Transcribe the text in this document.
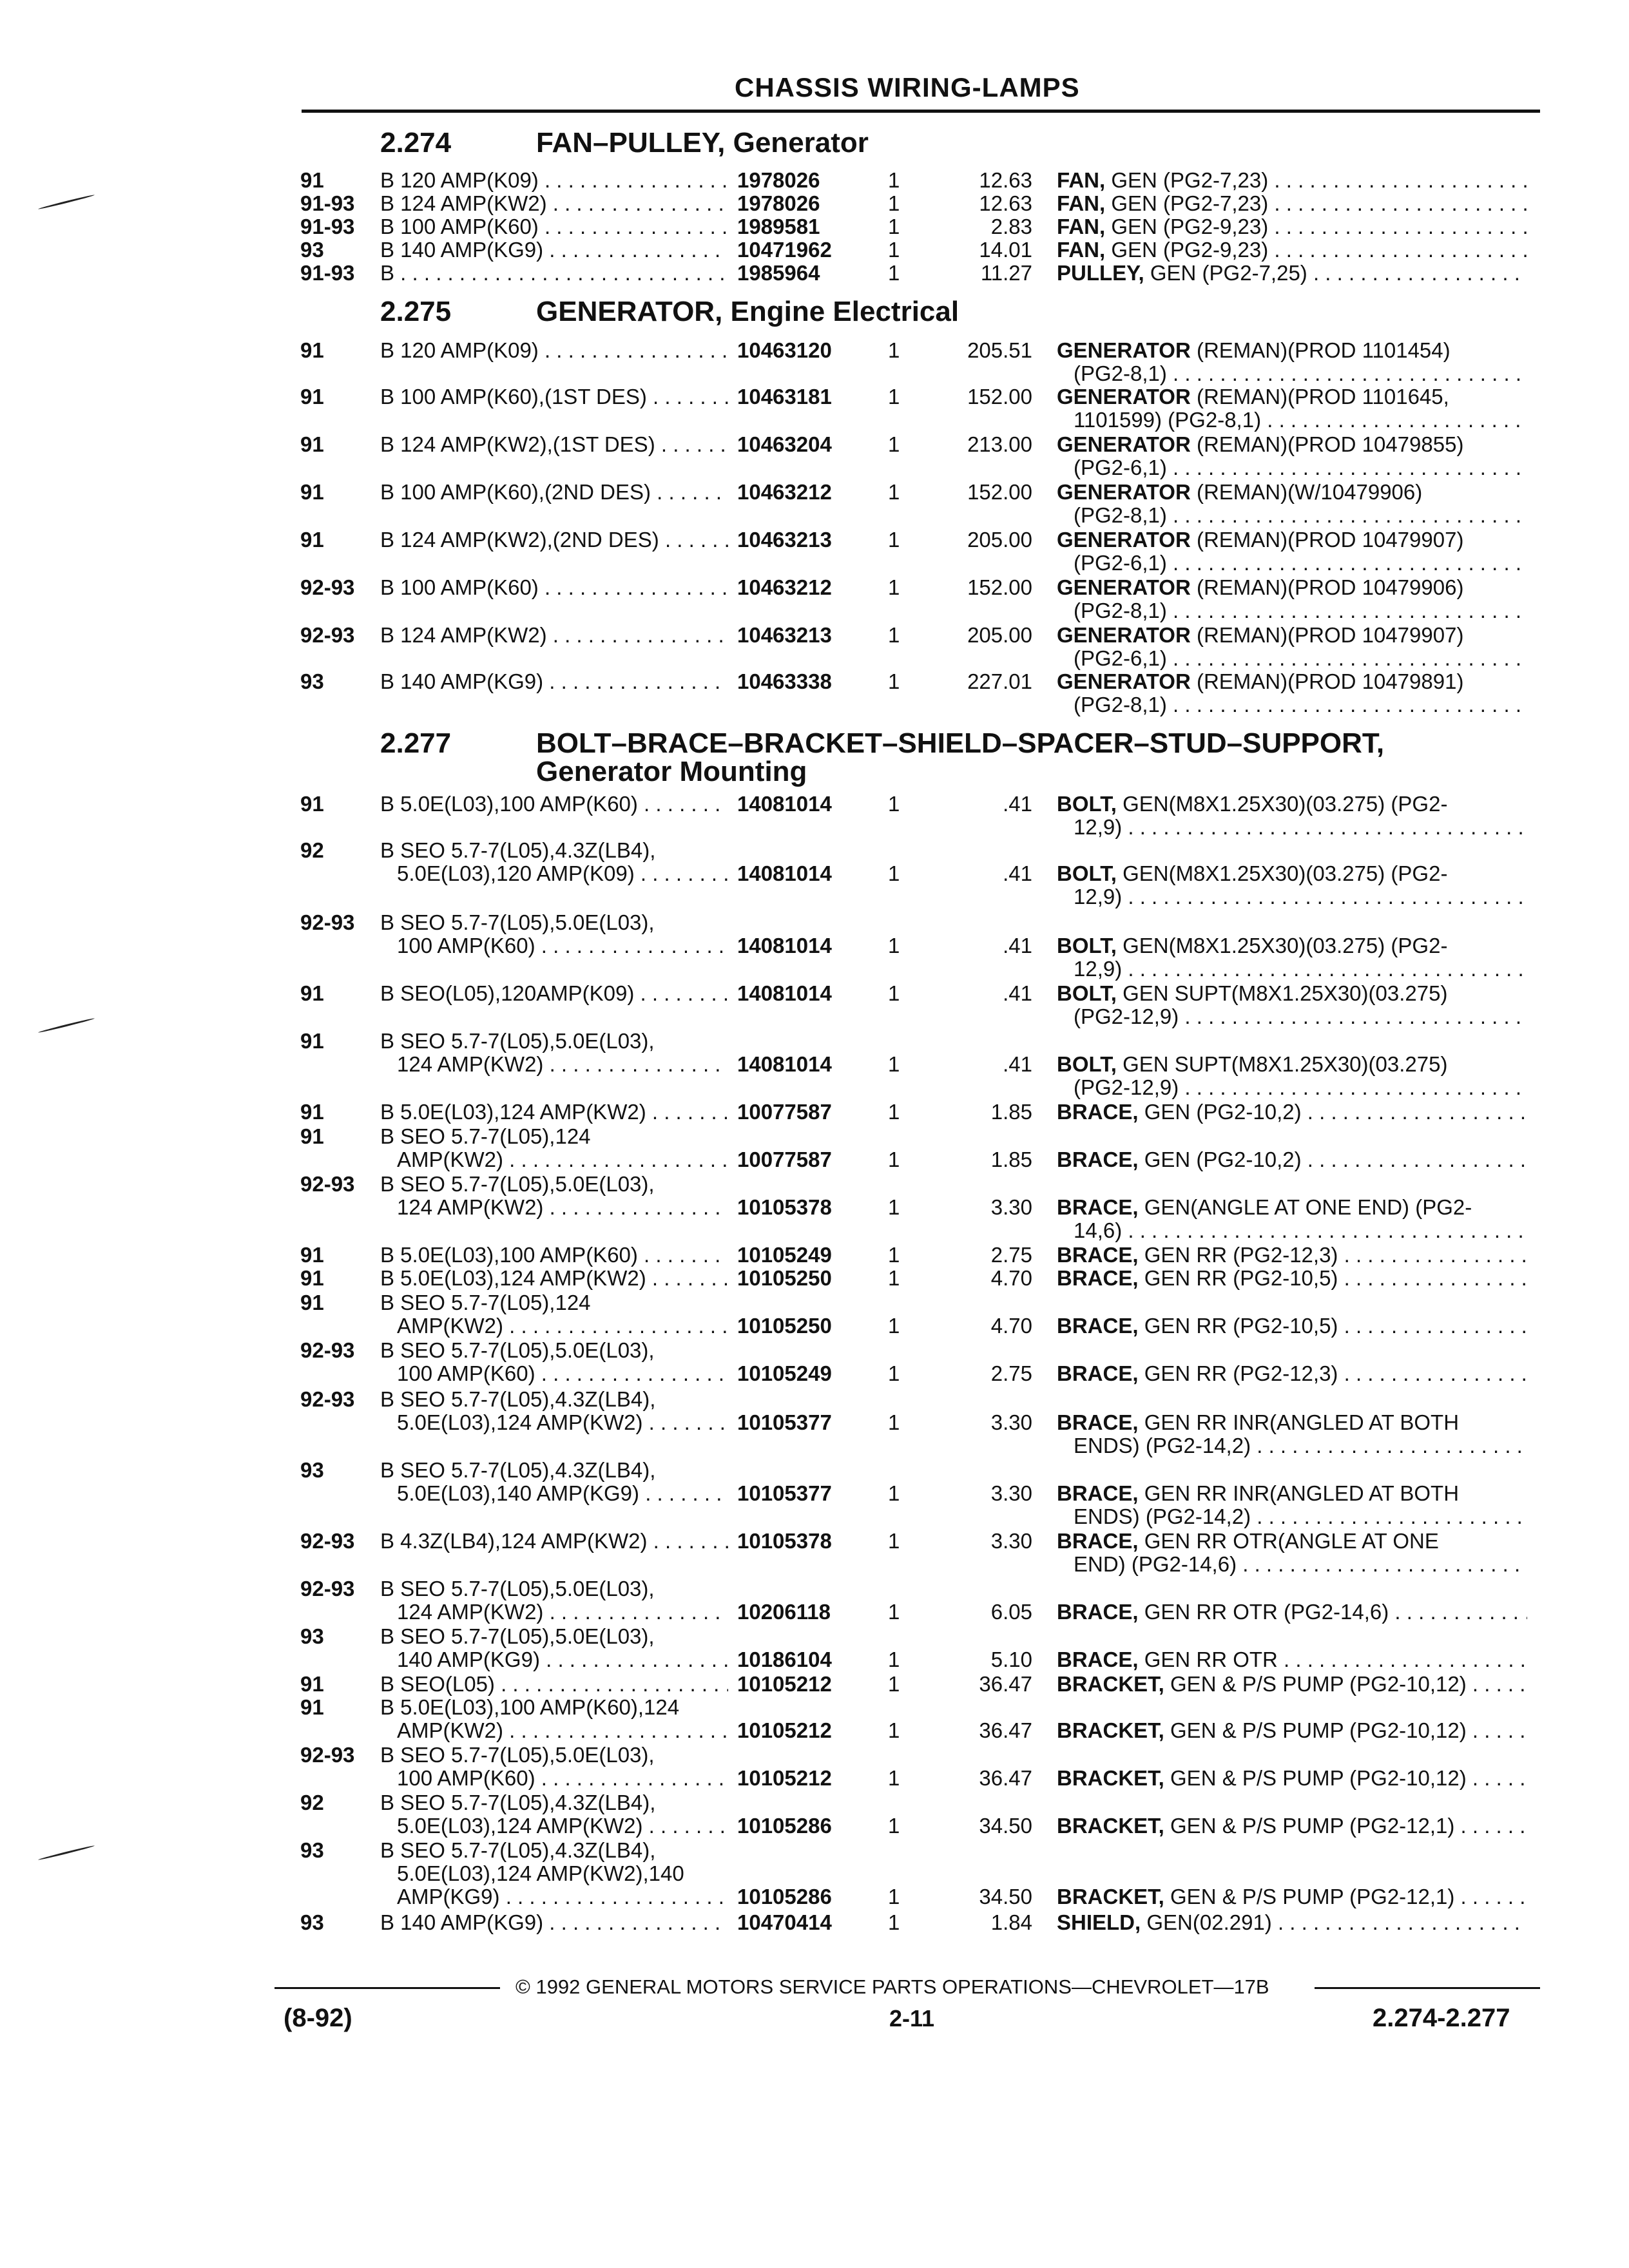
CHASSIS WIRING-LAMPS
2.274	FAN–PULLEY, Generator
2.275	GENERATOR, Engine Electrical
2.277	BOLT–BRACE–BRACKET–SHIELD–SPACER–STUD–SUPPORT,
Generator Mounting
91	B 120 AMP(K09) . . .	1978026	1	12.63 FAN, GEN (PG2-7,23) . . .
91-93 B 124 AMP(KW2) . . .	1978026	1	12.63 FAN, GEN (PG2-7,23) . . .
91-93 B 100 AMP(K60) . . .	1989581	1	2.83 FAN, GEN (PG2-9,23) . . .
93	B 140 AMP(KG9) . . .	10471962	1	14.01 FAN, GEN (PG2-9,23) . . .
91-93 B . . .	1985964	1	11.27 PULLEY, GEN (PG2-7,25) . . .
91	B 120 AMP(K09) . . .	10463120	1	205.51 GENERATOR (REMAN)(PROD 1101454)
(PG2-8,1) . . .
91	B 100 AMP(K60),(1ST DES) . . .	10463181	1	152.00 GENERATOR (REMAN)(PROD 1101645,
1101599) (PG2-8,1) . . .
91	B 124 AMP(KW2),(1ST DES) . . .	10463204	1	213.00 GENERATOR (REMAN)(PROD 10479855)
(PG2-6,1) . . .
91	B 100 AMP(K60),(2ND DES) . . .	10463212	1	152.00 GENERATOR (REMAN)(W/10479906)
(PG2-8,1) . . .
91	B 124 AMP(KW2),(2ND DES) . . .	10463213	1	205.00 GENERATOR (REMAN)(PROD 10479907)
(PG2-6,1) . . .
92-93 B 100 AMP(K60) . . .	10463212	1	152.00 GENERATOR (REMAN)(PROD 10479906)
(PG2-8,1) . . .
92-93 B 124 AMP(KW2) . . .	10463213	1	205.00 GENERATOR (REMAN)(PROD 10479907)
(PG2-6,1) . . .
93	B 140 AMP(KG9) . . .	10463338	1	227.01 GENERATOR (REMAN)(PROD 10479891)
(PG2-8,1) . . .
91	B 5.0E(L03),100 AMP(K60) . . .	14081014	1	.41 BOLT, GEN(M8X1.25X30)(03.275) (PG2-
12,9) . . .
92	B SEO 5.7-7(L05),4.3Z(LB4),
5.0E(L03),120 AMP(K09) . . .	14081014	1	.41 BOLT, GEN(M8X1.25X30)(03.275) (PG2-
12,9) . . .
92-93 B SEO 5.7-7(L05),5.0E(L03),
100 AMP(K60) . . .	14081014	1	.41 BOLT, GEN(M8X1.25X30)(03.275) (PG2-
12,9) . . .
91	B SEO(L05),120AMP(K09) . . .	14081014	1	.41 BOLT, GEN SUPT(M8X1.25X30)(03.275)
(PG2-12,9) . . .
91	B SEO 5.7-7(L05),5.0E(L03),
124 AMP(KW2) . . .	14081014	1	.41 BOLT, GEN SUPT(M8X1.25X30)(03.275)
(PG2-12,9) . . .
91	B 5.0E(L03),124 AMP(KW2) . . .	10077587	1	1.85 BRACE, GEN (PG2-10,2) . . .
91	B SEO 5.7-7(L05),124
AMP(KW2) . . .	10077587	1	1.85 BRACE, GEN (PG2-10,2) . . .
92-93 B SEO 5.7-7(L05),5.0E(L03),
124 AMP(KW2) . . .	10105378	1	3.30 BRACE, GEN(ANGLE AT ONE END) (PG2-
14,6) . . .
91	B 5.0E(L03),100 AMP(K60) . . .	10105249	1	2.75 BRACE, GEN RR (PG2-12,3) . . .
91	B 5.0E(L03),124 AMP(KW2) . . .	10105250	1	4.70 BRACE, GEN RR (PG2-10,5) . . .
91	B SEO 5.7-7(L05),124
AMP(KW2) . . .	10105250	1	4.70 BRACE, GEN RR (PG2-10,5) . . .
92-93 B SEO 5.7-7(L05),5.0E(L03),
100 AMP(K60) . . .	10105249	1	2.75 BRACE, GEN RR (PG2-12,3) . . .
92-93 B SEO 5.7-7(L05),4.3Z(LB4),
5.0E(L03),124 AMP(KW2) . . .	10105377	1	3.30 BRACE, GEN RR INR(ANGLED AT BOTH
ENDS) (PG2-14,2) . . .
93	B SEO 5.7-7(L05),4.3Z(LB4),
5.0E(L03),140 AMP(KG9) . . .	10105377	1	3.30 BRACE, GEN RR INR(ANGLED AT BOTH
ENDS) (PG2-14,2) . . .
92-93 B 4.3Z(LB4),124 AMP(KW2) . . .	10105378	1	3.30 BRACE, GEN RR OTR(ANGLE AT ONE
END) (PG2-14,6) . . .
92-93 B SEO 5.7-7(L05),5.0E(L03),
124 AMP(KW2) . . .	10206118	1	6.05 BRACE, GEN RR OTR (PG2-14,6) . . .
93	B SEO 5.7-7(L05),5.0E(L03),
140 AMP(KG9) . . .	10186104	1	5.10 BRACE, GEN RR OTR . . .
91	B SEO(L05) . . .	10105212	1	36.47 BRACKET, GEN & P/S PUMP (PG2-10,12) . . .
91	B 5.0E(L03),100 AMP(K60),124
AMP(KW2) . . .	10105212	1	36.47 BRACKET, GEN & P/S PUMP (PG2-10,12) . . .
92-93 B SEO 5.7-7(L05),5.0E(L03),
100 AMP(K60) . . .	10105212	1	36.47 BRACKET, GEN & P/S PUMP (PG2-10,12) . . .
92	B SEO 5.7-7(L05),4.3Z(LB4),
5.0E(L03),124 AMP(KW2) . . .	10105286	1	34.50 BRACKET, GEN & P/S PUMP (PG2-12,1) . . . .
93	B SEO 5.7-7(L05),4.3Z(LB4),
5.0E(L03),124 AMP(KW2),140
AMP(KG9) . . .	10105286	1	34.50 BRACKET, GEN & P/S PUMP (PG2-12,1) . . . .
93	B 140 AMP(KG9) . . .	10470414	1	1.84 SHIELD, GEN(02.291) . . .
© 1992 GENERAL MOTORS SERVICE PARTS OPERATIONS—CHEVROLET—17B
(8-92)	2-11	2.274-2.277
